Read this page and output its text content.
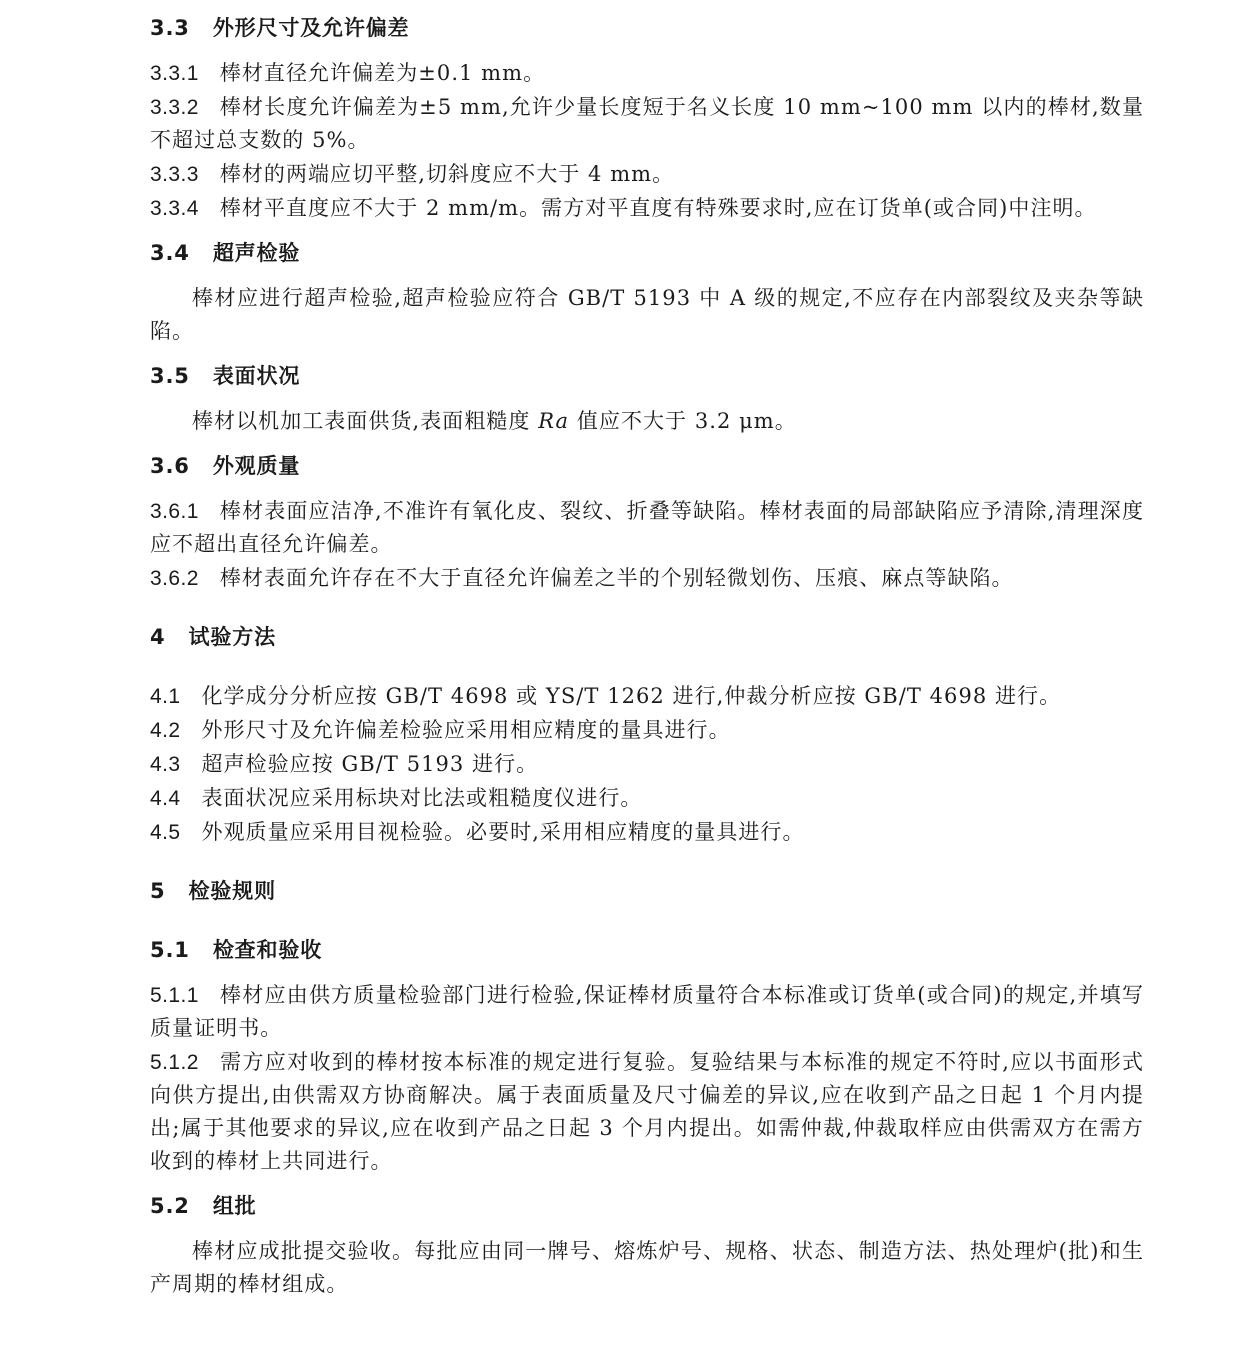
3.3 外形尺寸及允许偏差
3.3.1 棒材直径允许偏差为±0.1 mm。
3.3.2 棒材长度允许偏差为±5 mm,允许少量长度短于名义长度 10 mm~100 mm 以内的棒材,数量不超过总支数的 5%。
3.3.3 棒材的两端应切平整,切斜度应不大于 4 mm。
3.3.4 棒材平直度应不大于 2 mm/m。需方对平直度有特殊要求时,应在订货单(或合同)中注明。
3.4 超声检验
棒材应进行超声检验,超声检验应符合 GB/T 5193 中 A 级的规定,不应存在内部裂纹及夹杂等缺陷。
3.5 表面状况
棒材以机加工表面供货,表面粗糙度 Ra 值应不大于 3.2 μm。
3.6 外观质量
3.6.1 棒材表面应洁净,不准许有氧化皮、裂纹、折叠等缺陷。棒材表面的局部缺陷应予清除,清理深度应不超出直径允许偏差。
3.6.2 棒材表面允许存在不大于直径允许偏差之半的个别轻微划伤、压痕、麻点等缺陷。
4 试验方法
4.1 化学成分分析应按 GB/T 4698 或 YS/T 1262 进行,仲裁分析应按 GB/T 4698 进行。
4.2 外形尺寸及允许偏差检验应采用相应精度的量具进行。
4.3 超声检验应按 GB/T 5193 进行。
4.4 表面状况应采用标块对比法或粗糙度仪进行。
4.5 外观质量应采用目视检验。必要时,采用相应精度的量具进行。
5 检验规则
5.1 检查和验收
5.1.1 棒材应由供方质量检验部门进行检验,保证棒材质量符合本标准或订货单(或合同)的规定,并填写质量证明书。
5.1.2 需方应对收到的棒材按本标准的规定进行复验。复验结果与本标准的规定不符时,应以书面形式向供方提出,由供需双方协商解决。属于表面质量及尺寸偏差的异议,应在收到产品之日起 1 个月内提出;属于其他要求的异议,应在收到产品之日起 3 个月内提出。如需仲裁,仲裁取样应由供需双方在需方收到的棒材上共同进行。
5.2 组批
棒材应成批提交验收。每批应由同一牌号、熔炼炉号、规格、状态、制造方法、热处理炉(批)和生产周期的棒材组成。
